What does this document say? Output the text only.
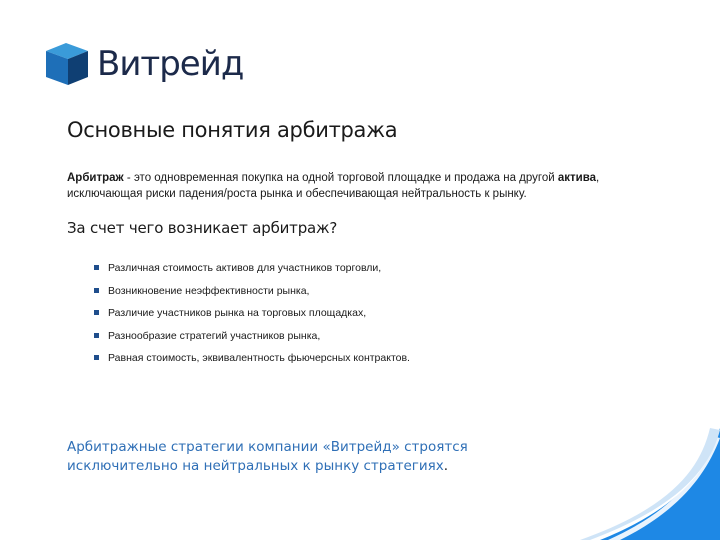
Витрейд
Основные понятия арбитража
Арбитраж - это одновременная покупка на одной торговой площадке и продажа на другой актива, исключающая риски падения/роста рынка и обеспечивающая нейтральность к рынку.
За счет чего возникает арбитраж?
Различная стоимость активов для участников торговли,
Возникновение неэффективности рынка,
Различие участников рынка на торговых площадках,
Разнообразие стратегий участников рынка,
Равная стоимость, эквивалентность фьючерсных контрактов.
Арбитражные стратегии компании «Витрейд» строятся исключительно на нейтральных к рынку стратегиях.
